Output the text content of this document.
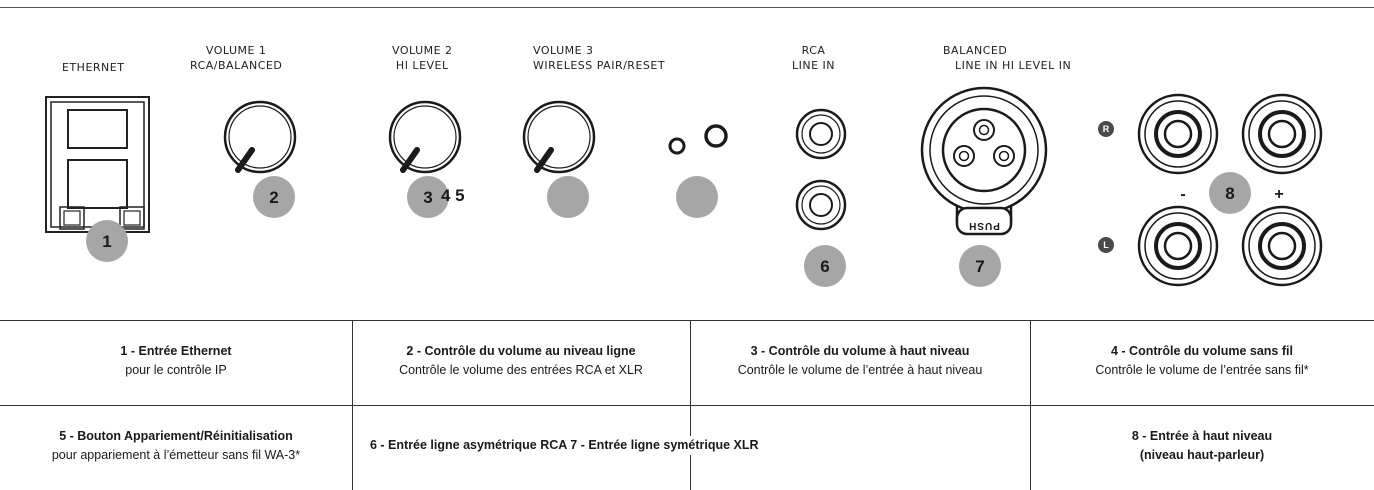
ETHERNET
VOLUME 1
RCA/BALANCED
VOLUME 2
HI LEVEL
VOLUME 3
WIRELESS PAIR/RESET
RCA
LINE IN
BALANCED
LINE IN HI LEVEL IN
PUSH
R
L
-	+
1
2	3
6	7
8
4 5
1 - Entrée Ethernet
pour le contrôle IP
2 - Contrôle du volume au niveau ligne
Contrôle le volume des entrées RCA et XLR
3 - Contrôle du volume à haut niveau
Contrôle le volume de l’entrée à haut niveau
4 - Contrôle du volume sans fil
Contrôle le volume de l’entrée sans fil*
5 - Bouton Appariement/Réinitialisation
pour appariement à l’émetteur sans fil WA-3*
6 - Entrée ligne asymétrique RCA 7 - Entrée ligne symétrique XLR
8 - Entrée à haut niveau
(niveau haut-parleur)
